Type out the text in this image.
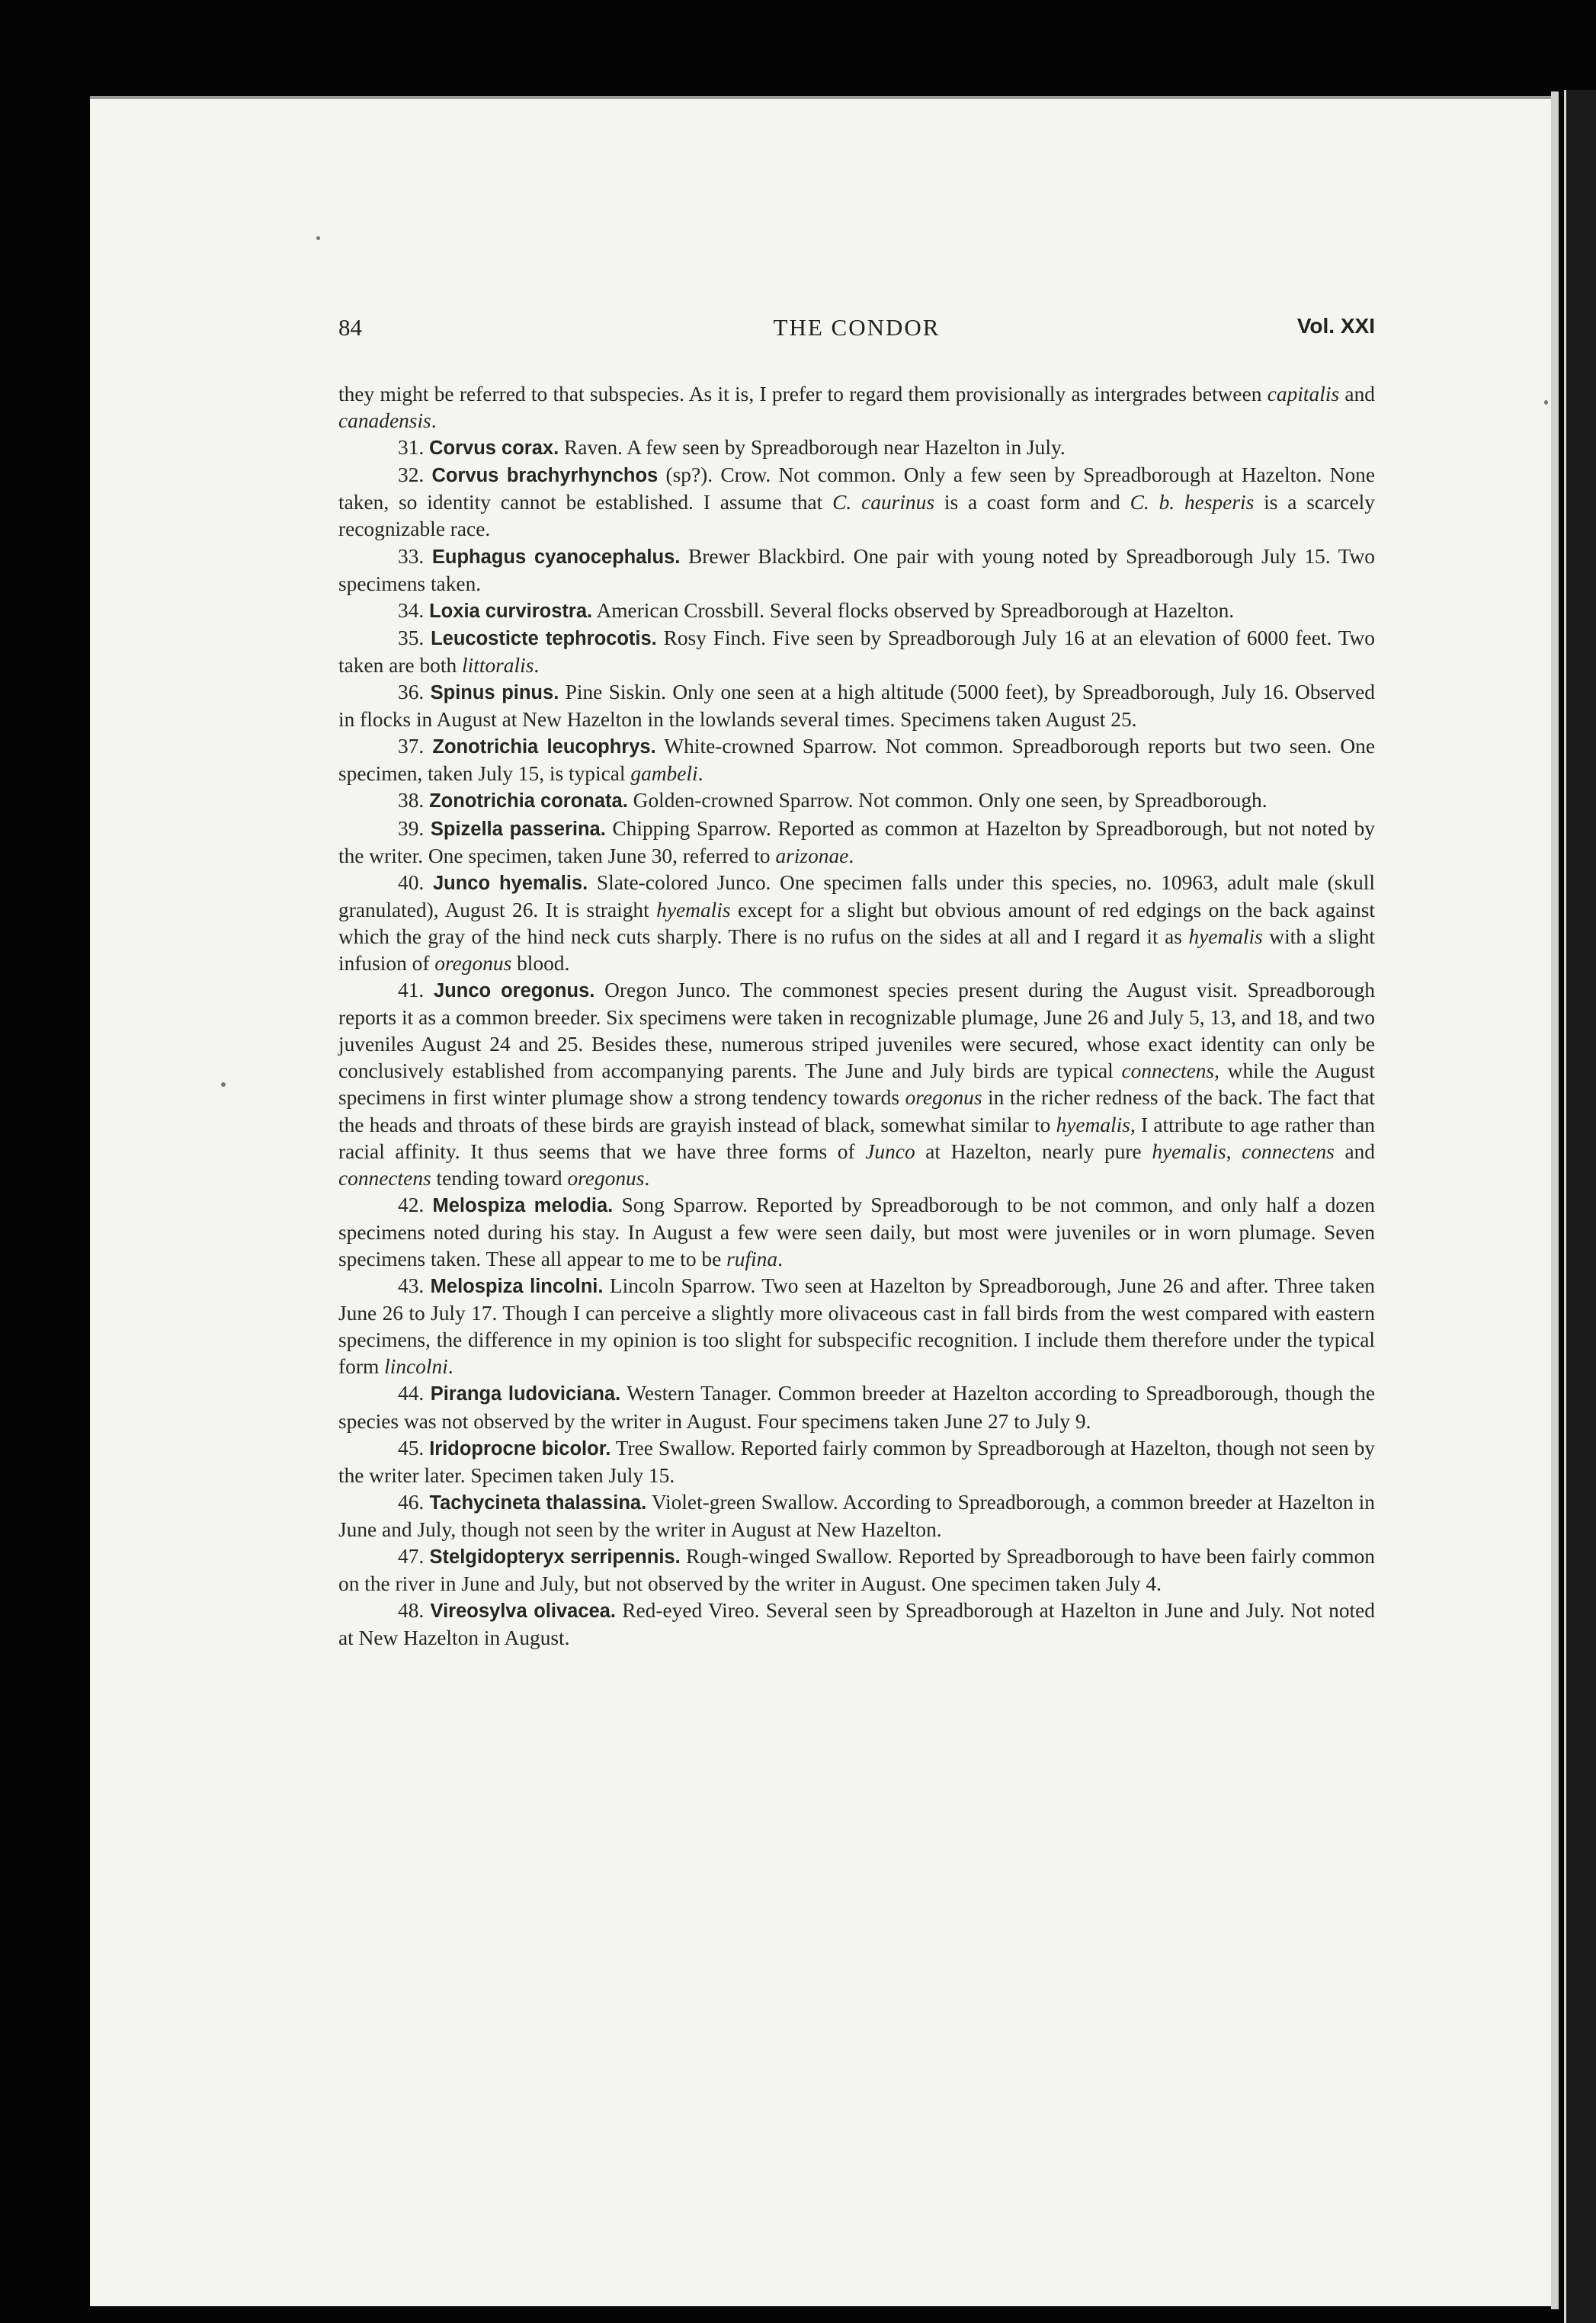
84	THE CONDOR	Vol. XXI

they might be referred to that subspecies. As it is, I prefer to regard them provisionally as intergrades between capitalis and canadensis.

31. Corvus corax. Raven. A few seen by Spreadborough near Hazelton in July.

32. Corvus brachyrhynchos (sp?). Crow. Not common. Only a few seen by Spreadborough at Hazelton. None taken, so identity cannot be established. I assume that C. caurinus is a coast form and C. b. hesperis is a scarcely recognizable race.

33. Euphagus cyanocephalus. Brewer Blackbird. One pair with young noted by Spreadborough July 15. Two specimens taken.

34. Loxia curvirostra. American Crossbill. Several flocks observed by Spreadborough at Hazelton.

35. Leucosticte tephrocotis. Rosy Finch. Five seen by Spreadborough July 16 at an elevation of 6000 feet. Two taken are both littoralis.

36. Spinus pinus. Pine Siskin. Only one seen at a high altitude (5000 feet), by Spreadborough, July 16. Observed in flocks in August at New Hazelton in the lowlands several times. Specimens taken August 25.

37. Zonotrichia leucophrys. White-crowned Sparrow. Not common. Spreadborough reports but two seen. One specimen, taken July 15, is typical gambeli.

38. Zonotrichia coronata. Golden-crowned Sparrow. Not common. Only one seen, by Spreadborough.

39. Spizella passerina. Chipping Sparrow. Reported as common at Hazelton by Spreadborough, but not noted by the writer. One specimen, taken June 30, referred to arizonae.

40. Junco hyemalis. Slate-colored Junco. One specimen falls under this species, no. 10963, adult male (skull granulated), August 26. It is straight hyemalis except for a slight but obvious amount of red edgings on the back against which the gray of the hind neck cuts sharply. There is no rufus on the sides at all and I regard it as hyemalis with a slight infusion of oregonus blood.

41. Junco oregonus. Oregon Junco. The commonest species present during the August visit. Spreadborough reports it as a common breeder. Six specimens were taken in recognizable plumage, June 26 and July 5, 13, and 18, and two juveniles August 24 and 25. Besides these, numerous striped juveniles were secured, whose exact identity can only be conclusively established from accompanying parents. The June and July birds are typical connectens, while the August specimens in first winter plumage show a strong tendency towards oregonus in the richer redness of the back. The fact that the heads and throats of these birds are grayish instead of black, somewhat similar to hyemalis, I attribute to age rather than racial affinity. It thus seems that we have three forms of Junco at Hazelton, nearly pure hyemalis, connectens and connectens tending toward oregonus.

42. Melospiza melodia. Song Sparrow. Reported by Spreadborough to be not common, and only half a dozen specimens noted during his stay. In August a few were seen daily, but most were juveniles or in worn plumage. Seven specimens taken. These all appear to me to be rufina.

43. Melospiza lincolni. Lincoln Sparrow. Two seen at Hazelton by Spreadborough, June 26 and after. Three taken June 26 to July 17. Though I can perceive a slightly more olivaceous cast in fall birds from the west compared with eastern specimens, the difference in my opinion is too slight for subspecific recognition. I include them therefore under the typical form lincolni.

44. Piranga ludoviciana. Western Tanager. Common breeder at Hazelton according to Spreadborough, though the species was not observed by the writer in August. Four specimens taken June 27 to July 9.

45. Iridoprocne bicolor. Tree Swallow. Reported fairly common by Spreadborough at Hazelton, though not seen by the writer later. Specimen taken July 15.

46. Tachycineta thalassina. Violet-green Swallow. According to Spreadborough, a common breeder at Hazelton in June and July, though not seen by the writer in August at New Hazelton.

47. Stelgidopteryx serripennis. Rough-winged Swallow. Reported by Spreadborough to have been fairly common on the river in June and July, but not observed by the writer in August. One specimen taken July 4.

48. Vireosylva olivacea. Red-eyed Vireo. Several seen by Spreadborough at Hazelton in June and July. Not noted at New Hazelton in August.
